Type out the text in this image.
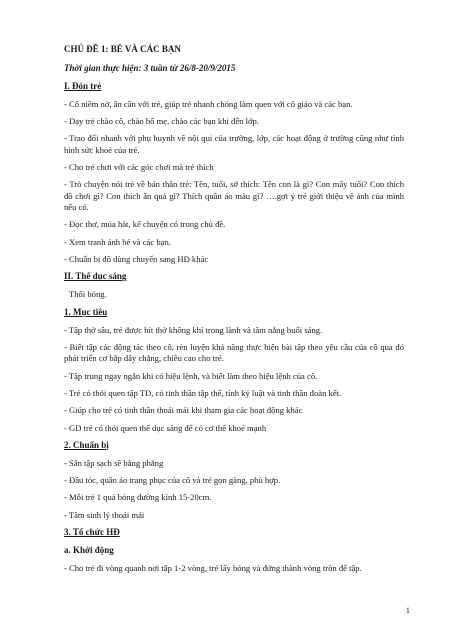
CHỦ ĐỀ 1: BÉ VÀ CÁC BẠN
Thời gian thực hiện: 3 tuần từ 26/8-20/9/2015
I. Đón trẻ
- Cô niềm nở, ân cần với trẻ, giúp trẻ nhanh chóng làm quen với cô giáo và các bạn.
- Dạy trẻ chào cô, chào bố mẹ, chào các bạn khi đến lớp.
- Trao đổi nhanh với phụ huynh về nội qui của trường, lớp, các hoạt động ở trường cũng như tình hình sức khoẻ của trẻ.
- Cho trẻ chơi với các góc chơi mà trẻ thích
- Trò chuyện nói trẻ về bản thân trẻ: Tên, tuổi, sở thích: Tên con là gì? Con mấy tuổi? Con thích đồ chơi gì? Con thích ăn quả gì? Thích quần áo màu gì? ….gợi ý trẻ giới thiệu về ảnh của mình nếu có.
- Đọc thơ, múa hát, kể chuyện có trong chủ đề.
- Xem tranh ảnh bé và các bạn.
- Chuẩn bị đồ dùng chuyển sang HĐ khác
II. Thể dục sáng
Thổi bóng.
1. Mục tiêu
- Tập thở sâu, trẻ được hít thở không khí trong lành và tăm nắng buổi sáng.
- Biết tập các động tác theo cô, rèn luyện khả năng thực hiện bài tập theo yêu cầu của cô qua đó phát triển cơ bắp dây chằng, chiều cao cho trẻ.
- Tập trung ngay ngắn khi có hiệu lệnh, và biết làm theo hiệu lệnh của cô.
- Trẻ có thói quen tập TD, có tinh thần tập thể, tính kỷ luật và tinh thần đoàn kết.
- Giúp cho trẻ có tinh thần thoải mái khi tham gia các hoạt động khác
- GD trẻ có thói quen thể dục sáng để có cơ thể khoẻ mạnh
2. Chuẩn bị
- Sân tập sạch sẽ bằng phẳng
- Đầu tóc, quần áo trang phục của cô và trẻ gọn gàng, phù hợp.
- Mỗi trẻ 1 quả bóng đường kính 15-20cm.
- Tâm sinh lý thoải mái
3. Tổ chức HĐ
a. Khởi động
- Cho trẻ đi vòng quanh nơi tập 1-2 vòng, trẻ lấy bóng và đứng thành vòng tròn để tập.
1
